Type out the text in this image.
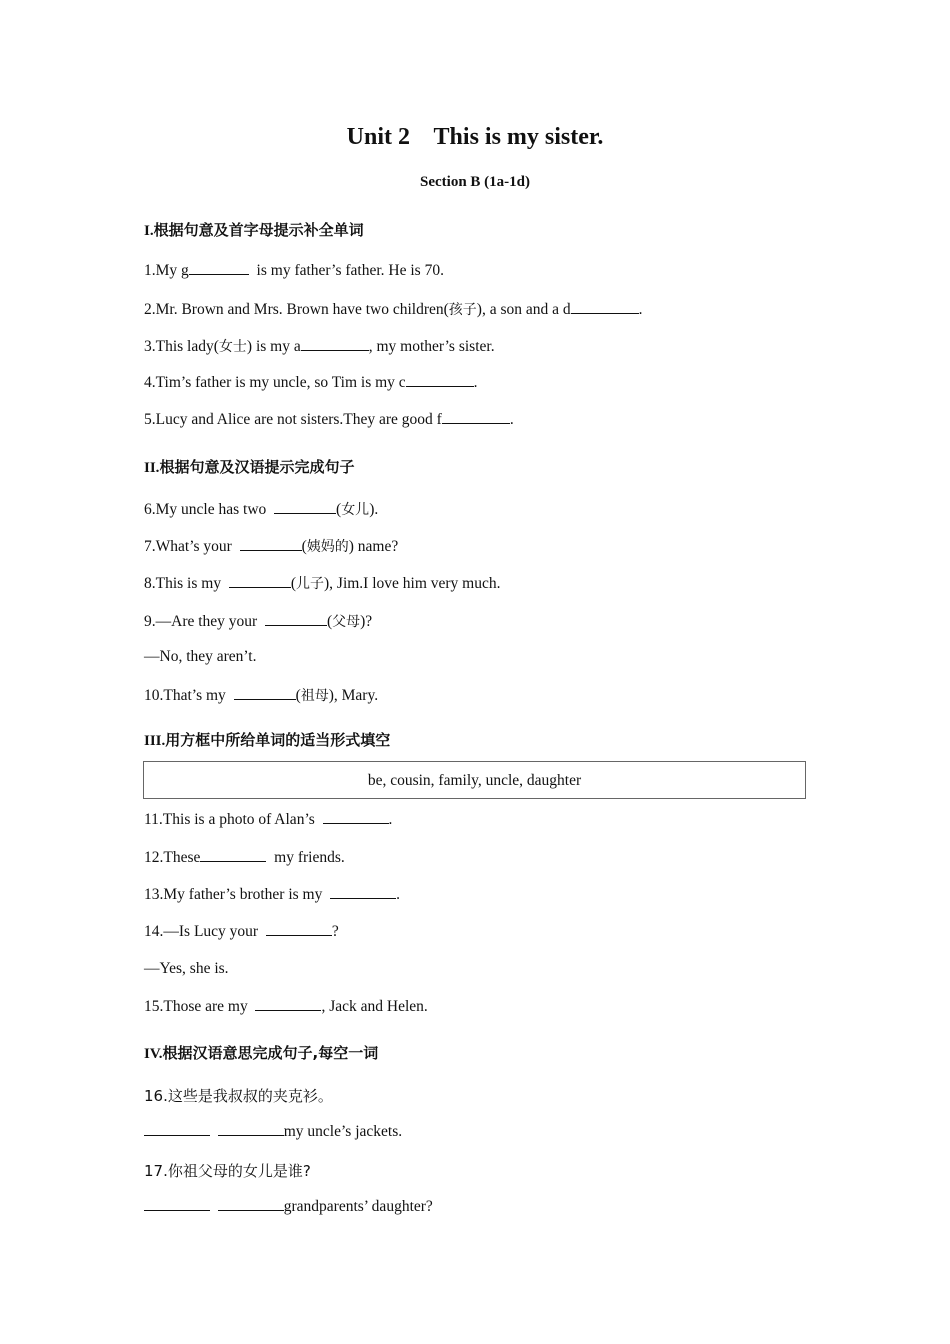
Unit 2    This is my sister.
Section B (1a-1d)
I.根据句意及首字母提示补全单词
1.My g	is my father’s father. He is 70.
2.Mr. Brown and Mrs. Brown have two children(孩子), a son and a d	.
3.This lady(女士) is my a	, my mother’s sister.
4.Tim’s father is my uncle, so Tim is my c	.
5.Lucy and Alice are not sisters.They are good f	.
II.根据句意及汉语提示完成句子
6.My uncle has two	(女儿).
7.What’s your	(姨妈的) name?
8.This is my	(儿子), Jim.I love him very much.
9.—Are they your	(父母)?
—No, they aren’t.
10.That’s my	(祖母), Mary.
III.用方框中所给单词的适当形式填空
be, cousin, family, uncle, daughter
11.This is a photo of Alan’s	.
12.These	my friends.
13.My father’s brother is my	.
14.—Is Lucy your	?
—Yes, she is.
15.Those are my	, Jack and Helen.
IV.根据汉语意思完成句子,每空一词
16.这些是我叔叔的夹克衫。
my uncle’s jackets.
17.你祖父母的女儿是谁?
grandparents’ daughter?
